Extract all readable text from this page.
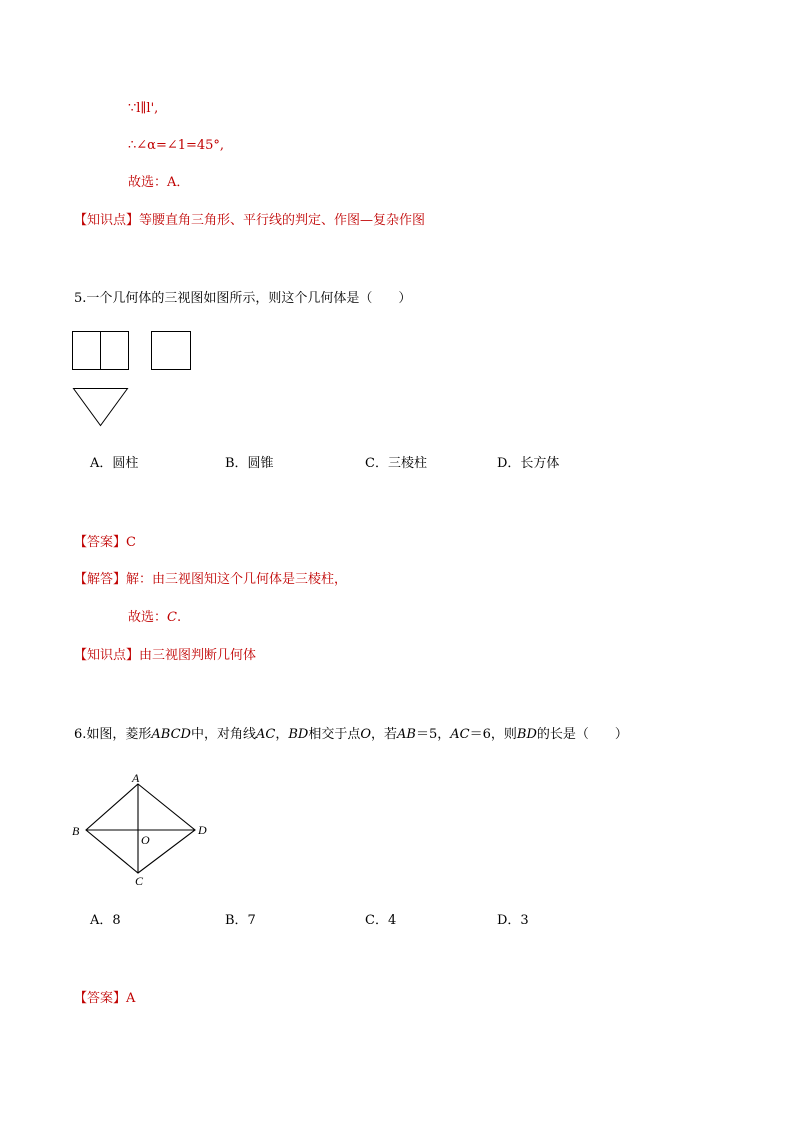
∵l∥l',
∴∠α=∠1=45°,
故选：A．
【知识点】等腰直角三角形、平行线的判定、作图—复杂作图
5.一个几何体的三视图如图所示，则这个几何体是（　　）
A．圆柱	B．圆锥	C．三棱柱	D．长方体
【答案】C
【解答】解：由三视图知这个几何体是三棱柱，
故选：C.
【知识点】由三视图判断几何体
6.如图，菱形ABCD中，对角线AC，BD相交于点O，若AB＝5，AC＝6，则BD的长是（　　）
A
B	D
C
O
A．8	B．7	C．4	D．3
【答案】A
